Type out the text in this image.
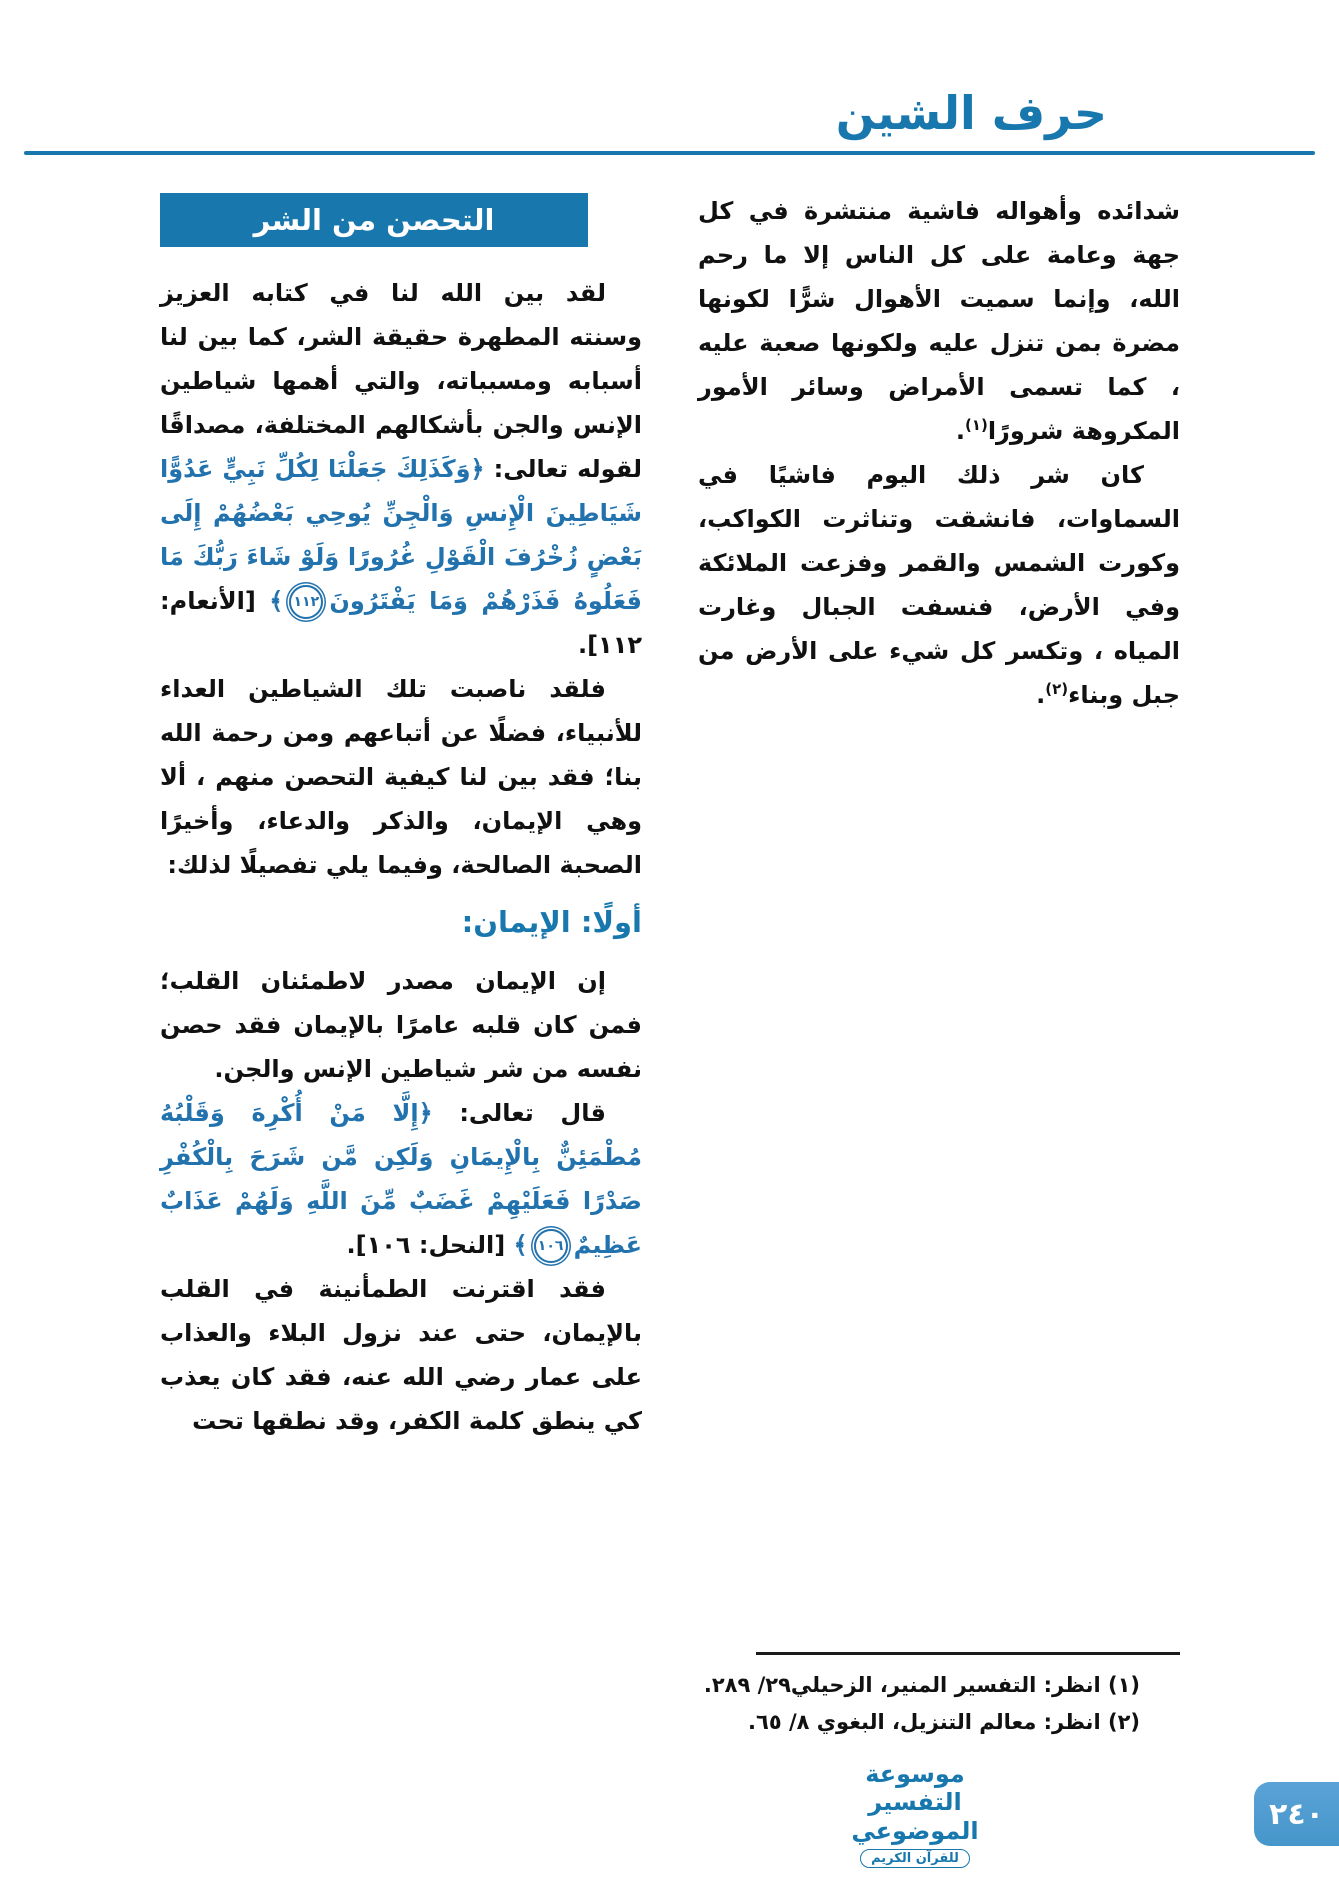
حرف الشين

شدائده وأهواله فاشية منتشرة في كل جهة وعامة على كل الناس إلا ما رحم الله، وإنما سميت الأهوال شرًّا لكونها مضرة بمن تنزل عليه ولكونها صعبة عليه ، كما تسمى الأمراض وسائر الأمور المكروهة شرورًا$^{(١)}$.

كان شر ذلك اليوم فاشيًا في السماوات، فانشقت وتناثرت الكواكب، وكورت الشمس والقمر وفزعت الملائكة وفي الأرض، فنسفت الجبال وغارت المياه ، وتكسر كل شيء على الأرض من جبل وبناء$^{(٢)}$.

(١) انظر: التفسير المنير، الزحيلي٢٩/ ٢٨٩.

(٢) انظر: معالم التنزيل، البغوي ٨/ ٦٥.

التحصن من الشر

لقد بين الله لنا في كتابه العزيز وسنته المطهرة حقيقة الشر، كما بين لنا أسبابه ومسبباته، والتي أهمها شياطين الإنس والجن بأشكالهم المختلفة، مصداقًا لقوله تعالى: ﴿وَكَذَلِكَ جَعَلْنَا لِكُلِّ نَبِيٍّ عَدُوًّا شَيَاطِينَ الْإِنسِ وَالْجِنِّ يُوحِي بَعْضُهُمْ إِلَى بَعْضٍ زُخْرُفَ الْقَوْلِ غُرُورًا وَلَوْ شَاءَ رَبُّكَ مَا فَعَلُوهُ فَذَرْهُمْ وَمَا يَفْتَرُونَ١١٢﴾ [الأنعام: ١١٢].

فلقد ناصبت تلك الشياطين العداء للأنبياء، فضلًا عن أتباعهم ومن رحمة الله بنا؛ فقد بين لنا كيفية التحصن منهم ، ألا وهي الإيمان، والذكر والدعاء، وأخيرًا الصحبة الصالحة، وفيما يلي تفصيلًا لذلك:

أولًا: الإيمان:

إن الإيمان مصدر لاطمئنان القلب؛ فمن كان قلبه عامرًا بالإيمان فقد حصن نفسه من شر شياطين الإنس والجن.

قال تعالى: ﴿إِلَّا مَنْ أُكْرِهَ وَقَلْبُهُ مُطْمَئِنٌّ بِالْإِيمَانِ وَلَكِن مَّن شَرَحَ بِالْكُفْرِ صَدْرًا فَعَلَيْهِمْ غَضَبٌ مِّنَ اللَّهِ وَلَهُمْ عَذَابٌ عَظِيمٌ١٠٦﴾ [النحل: ١٠٦].

فقد اقترنت الطمأنينة في القلب بالإيمان، حتى عند نزول البلاء والعذاب على عمار رضي الله عنه، فقد كان يعذب كي ينطق كلمة الكفر، وقد نطقها تحت

موسوعة التفسير الموضوعي
للقرآن الكريم
٢٤٠
